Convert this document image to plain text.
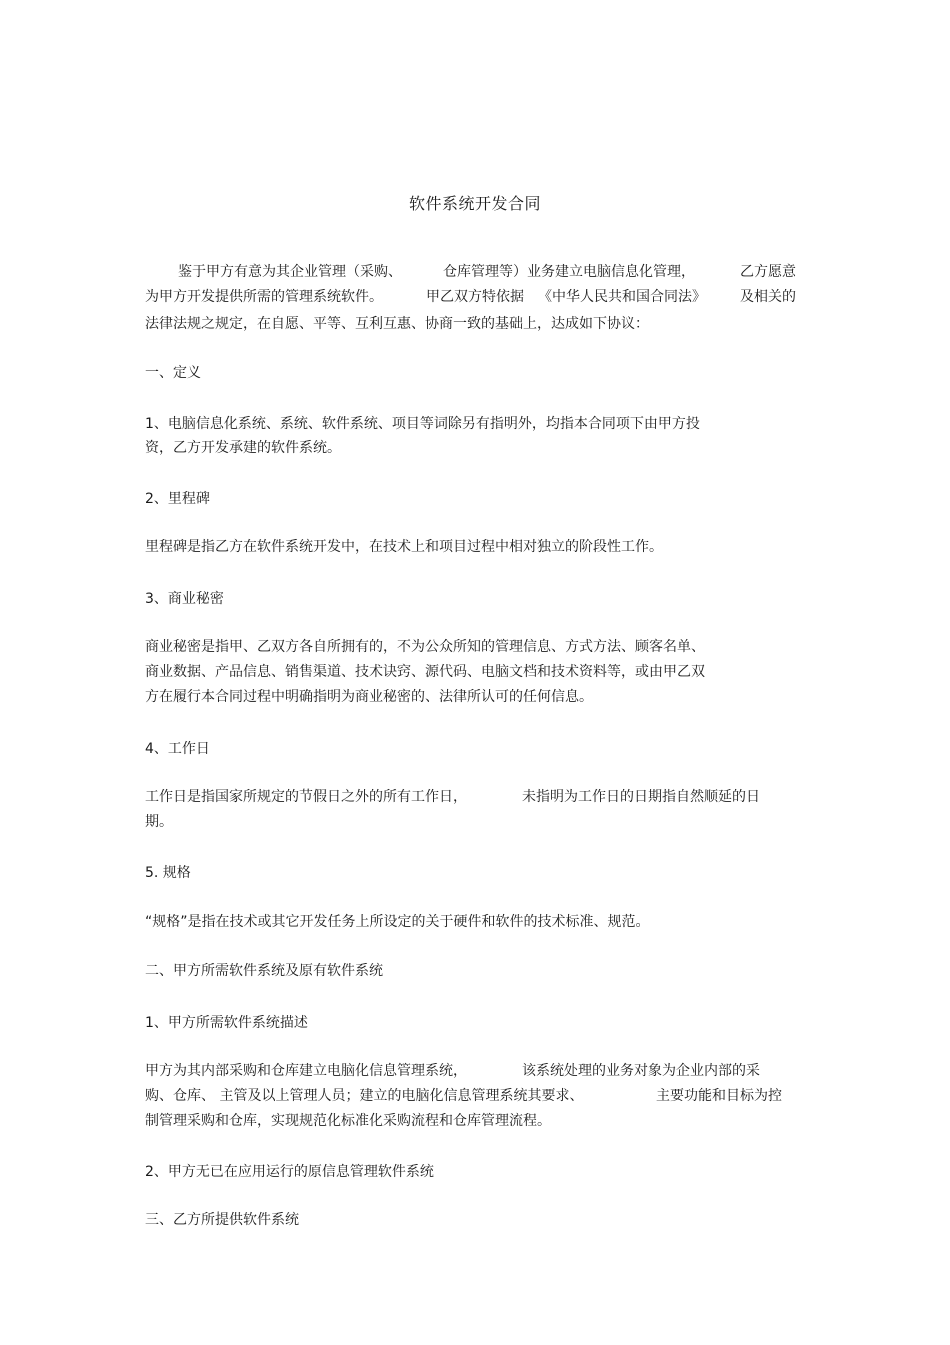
软件系统开发合同

鉴于甲方有意为其企业管理（采购、

	仓库管理等）业务建立电脑信息化管理，

	乙方愿意

为甲方开发提供所需的管理系统软件。

	甲乙双方特依据

《中华人民共和国合同法》

及相关的

法律法规之规定，在自愿、平等、互利互惠、协商一致的基础上，达成如下协议：
一、定义
1、电脑信息化系统、系统、软件系统、项目等词除另有指明外，均指本合同项下由甲方投
资，乙方开发承建的软件系统。
2、里程碑
里程碑是指乙方在软件系统开发中，在技术上和项目过程中相对独立的阶段性工作。
3、商业秘密
商业秘密是指甲、乙双方各自所拥有的，不为公众所知的管理信息、方式方法、顾客名单、
商业数据、产品信息、销售渠道、技术诀窍、源代码、电脑文档和技术资料等，或由甲乙双
方在履行本合同过程中明确指明为商业秘密的、法律所认可的任何信息。
4、工作日

工作日是指国家所规定的节假日之外的所有工作日，

	未指明为工作日的日期指自然顺延的日

期。
5. 规格
“规格”是指在技术或其它开发任务上所设定的关于硬件和软件的技术标准、规范。
二、甲方所需软件系统及原有软件系统
1、甲方所需软件系统描述

甲方为其内部采购和仓库建立电脑化信息管理系统，

	该系统处理的业务对象为企业内部的采

购、仓库、 主管及以上管理人员；建立的电脑化信息管理系统其要求、

	主要功能和目标为控

制管理采购和仓库，实现规范化标准化采购流程和仓库管理流程。
2、甲方无已在应用运行的原信息管理软件系统
三、乙方所提供软件系统
